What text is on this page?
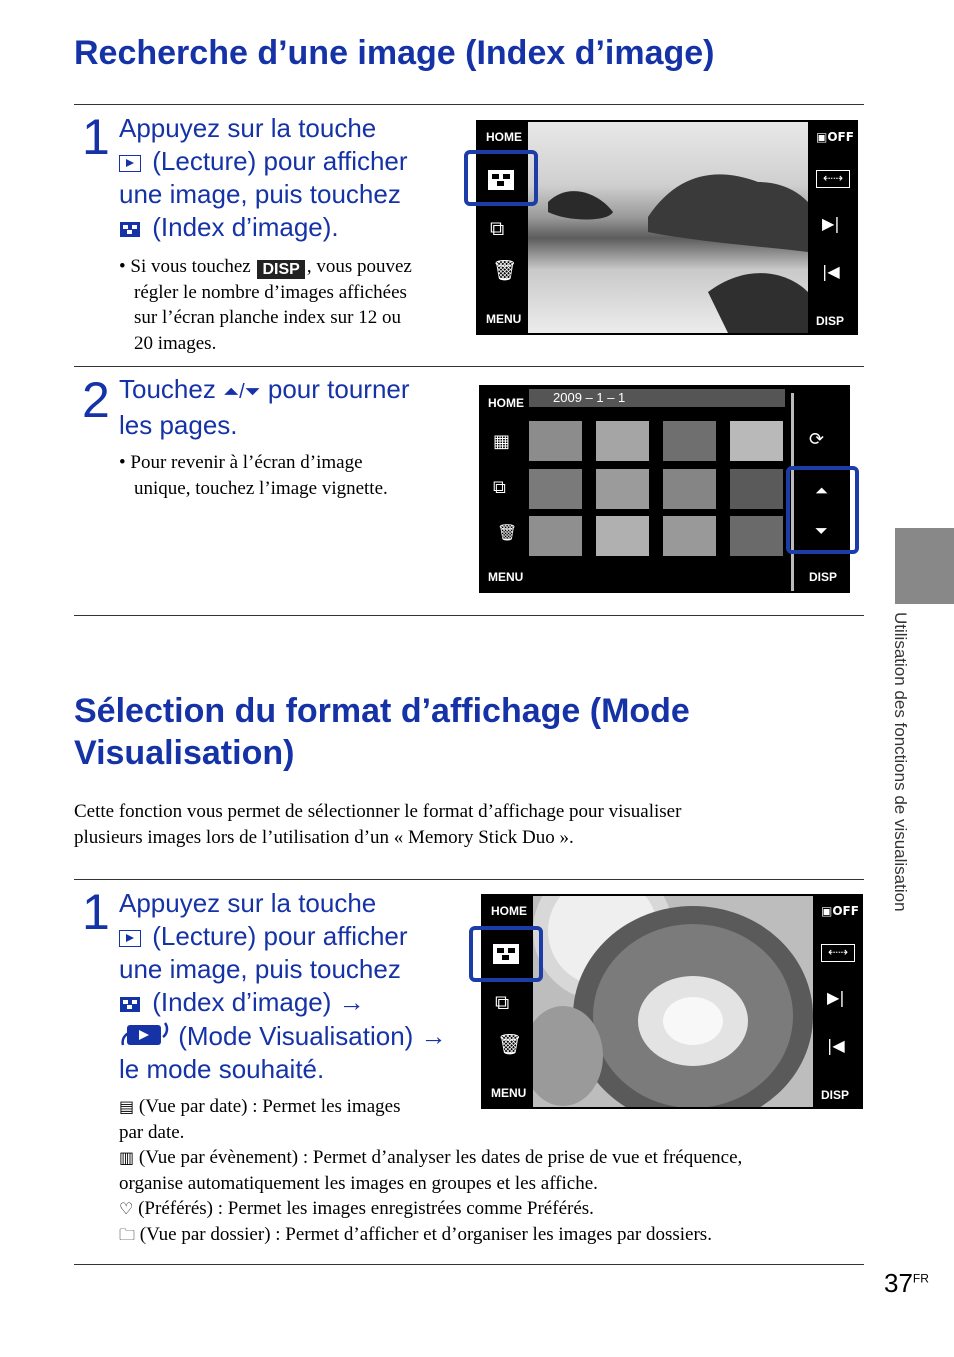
Recherche d’une image (Index d’image)
1 Appuyez sur la touche
(Lecture) pour afficher
une image, puis touchez
(Index d’image).
• Si vous touchez DISP , vous pouvez
régler le nombre d’images affichées
sur l’écran planche index sur 12 ou
20 images.
HOME
⧉
🗑
MENU
▣OFF
⇠⇢
▶|
|◀
DISP
2 Touchez ⏶/⏷ pour tourner
les pages.
• Pour revenir à l’écran d’image
unique, touchez l’image vignette.
HOME 2009 – 1 – 1
▦
⧉
🗑
MENU
⟳
⏶
⏷
DISP
Sélection du format d’affichage (Mode
Visualisation)
Cette fonction vous permet de sélectionner le format d’affichage pour visualiser
plusieurs images lors de l’utilisation d’un « Memory Stick Duo ».
1 Appuyez sur la touche
(Lecture) pour afficher
une image, puis touchez
(Index d’image) →
(Mode Visualisation) →
le mode souhaité.
HOME
⧉
🗑
MENU
▣OFF
⇠⇢
▶|
|◀
DISP
▤ (Vue par date) : Permet les images
par date.
▥ (Vue par évènement) : Permet d’analyser les dates de prise de vue et fréquence,
organise automatiquement les images en groupes et les affiche.
♡ (Préférés) : Permet les images enregistrées comme Préférés.
🗀 (Vue par dossier) : Permet d’afficher et d’organiser les images par dossiers.
Utilisation des fonctions de visualisation
$37^{FR}$
